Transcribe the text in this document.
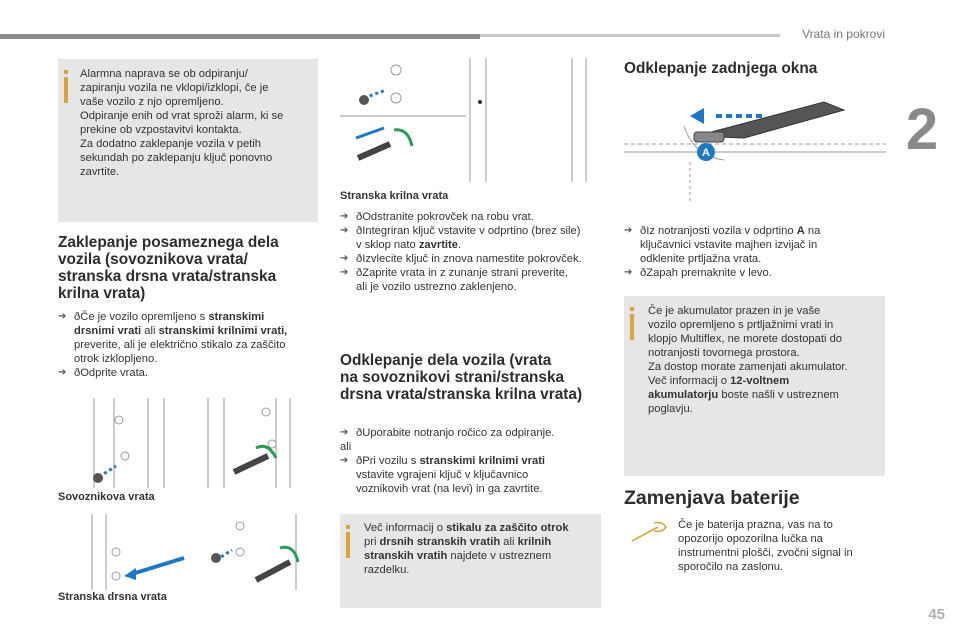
Vrata in pokrovi
2
45

Alarmna naprava se ob odpiranju/
zapiranju vozila ne vklopi/izklopi, če je
vaše vozilo z njo opremljeno.
Odpiranje enih od vrat sproži alarm, ki se
prekine ob vzpostavitvi kontakta.
Za dodatno zaklepanje vozila v petih
sekundah po zaklepanju ključ ponovno
zavrtite.

Zaklepanje posameznega dela
vozila (sovoznikova vrata/
stranska drsna vrata/stranska
krilna vrata)
ð ➔ Če je vozilo opremljeno s stranskimi
drsnimi vrati ali stranskimi krilnimi vrati,
preverite, ali je električno stikalo za zaščito
otrok izklopljeno.
ð ➔ Odprite vrata.
Sovoznikova vrata
Stranska drsna vrata
Stranska krilna vrata
ð ➔ Odstranite pokrovček na robu vrat.
ð ➔ Integriran ključ vstavite v odprtino (brez sile)
v sklop nato zavrtite.
ð ➔ Izvlecite ključ in znova namestite pokrovček.
ð ➔ Zaprite vrata in z zunanje strani preverite,
ali je vozilo ustrezno zaklenjeno.
Odklepanje dela vozila (vrata
na sovoznikovi strani/stranska
drsna vrata/stranska krilna vrata)
ð ➔ Uporabite notranjo ročico za odpiranje.
ali
ð ➔ Pri vozilu s stranskimi krilnimi vrati
vstavite vgrajeni ključ v ključavnico
voznikovih vrat (na levi) in ga zavrtite.

Več informacij o stikalu za zaščito otrok
pri drsnih stranskih vratih ali krilnih
stranskih vratih najdete v ustreznem
razdelku.

Odklepanje zadnjega okna
A
ð ➔ Iz notranjosti vozila v odprtino A na
ključavnici vstavite majhen izvijač in
odklenite prtljažna vrata.
ð ➔ Zapah premaknite v levo.

Če je akumulator prazen in je vaše
vozilo opremljeno s prtljažnimi vrati in
klopjo Multiflex, ne morete dostopati do
notranjosti tovornega prostora.
Za dostop morate zamenjati akumulator.
Več informacij o 12-voltnem
akumulatorju boste našli v ustreznem
poglavju.

Zamenjava baterije
Če je baterija prazna, vas na to
opozorijo opozorilna lučka na
instrumentni plošči, zvočni signal in
sporočilo na zaslonu.
